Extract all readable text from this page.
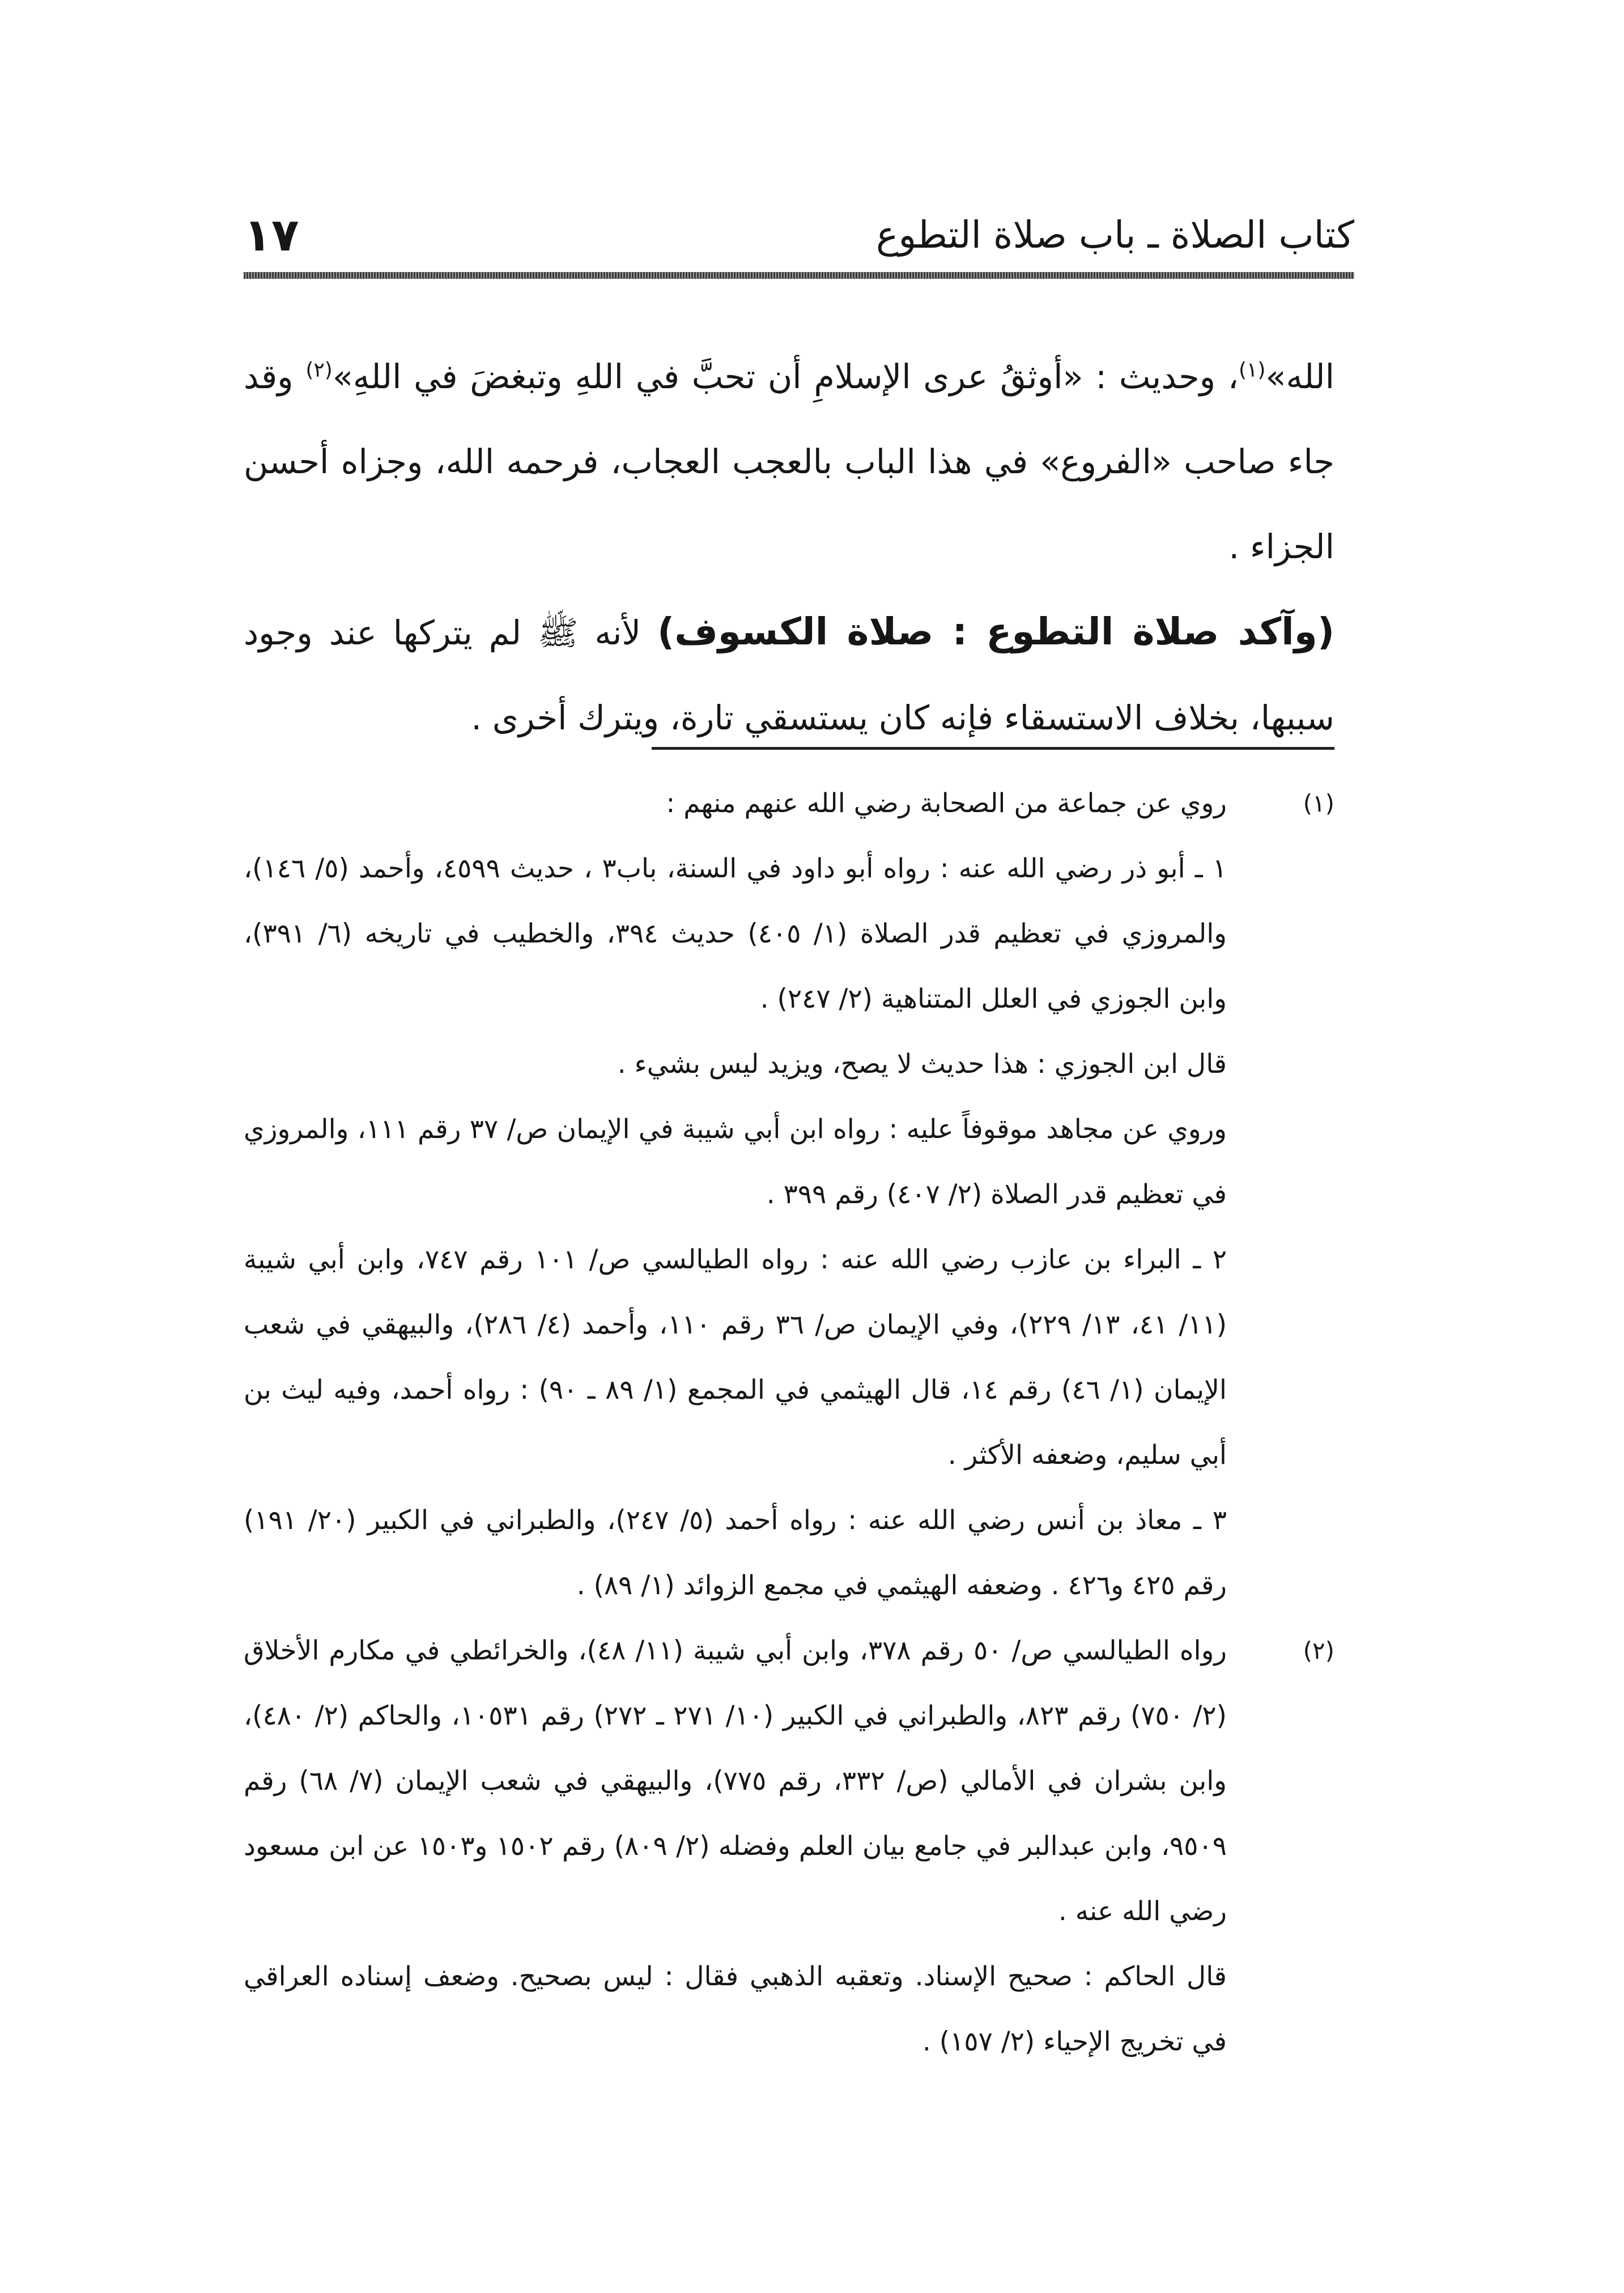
١٧	كتاب الصلاة ـ باب صلاة التطوع

الله»$^{(١)}$، وحديث : «أوثقُ عرى الإسلامِ أن تحبَّ في اللهِ وتبغضَ في اللهِ»$^{(٢)}$ وقد جاء صاحب «الفروع» في هذا الباب بالعجب العجاب، فرحمه الله، وجزاه أحسن الجزاء .

(وآكد صلاة التطوع : صلاة الكسوف) لأنه ﷺ لم يتركها عند وجود سببها، بخلاف الاستسقاء فإنه كان يستسقي تارة، ويترك أخرى .

(١)

روي عن جماعة من الصحابة رضي الله عنهم منهم :

١ ـ أبو ذر رضي الله عنه : رواه أبو داود في السنة، باب٣ ، حديث ٤٥٩٩، وأحمد (٥/ ١٤٦)، والمروزي في تعظيم قدر الصلاة (١/ ٤٠٥) حديث ٣٩٤، والخطيب في تاريخه (٦/ ٣٩١)، وابن الجوزي في العلل المتناهية (٢/ ٢٤٧) .

قال ابن الجوزي : هذا حديث لا يصح، ويزيد ليس بشيء .

وروي عن مجاهد موقوفاً عليه : رواه ابن أبي شيبة في الإيمان ص/ ٣٧ رقم ١١١، والمروزي في تعظيم قدر الصلاة (٢/ ٤٠٧) رقم ٣٩٩ .

٢ ـ البراء بن عازب رضي الله عنه : رواه الطيالسي ص/ ١٠١ رقم ٧٤٧، وابن أبي شيبة (١١/ ٤١، ١٣/ ٢٢٩)، وفي الإيمان ص/ ٣٦ رقم ١١٠، وأحمد (٤/ ٢٨٦)، والبيهقي في شعب الإيمان (١/ ٤٦) رقم ١٤، قال الهيثمي في المجمع (١/ ٨٩ ـ ٩٠) : رواه أحمد، وفيه ليث بن أبي سليم، وضعفه الأكثر .

٣ ـ معاذ بن أنس رضي الله عنه : رواه أحمد (٥/ ٢٤٧)، والطبراني في الكبير (٢٠/ ١٩١) رقم ٤٢٥ و٤٢٦ . وضعفه الهيثمي في مجمع الزوائد (١/ ٨٩) .

(٢)

رواه الطيالسي ص/ ٥٠ رقم ٣٧٨، وابن أبي شيبة (١١/ ٤٨)، والخرائطي في مكارم الأخلاق (٢/ ٧٥٠) رقم ٨٢٣، والطبراني في الكبير (١٠/ ٢٧١ ـ ٢٧٢) رقم ١٠٥٣١، والحاكم (٢/ ٤٨٠)، وابن بشران في الأمالي (ص/ ٣٣٢، رقم ٧٧٥)، والبيهقي في شعب الإيمان (٧/ ٦٨) رقم ٩٥٠٩، وابن عبدالبر في جامع بيان العلم وفضله (٢/ ٨٠٩) رقم ١٥٠٢ و١٥٠٣ عن ابن مسعود رضي الله عنه .

قال الحاكم : صحيح الإسناد. وتعقبه الذهبي فقال : ليس بصحيح. وضعف إسناده العراقي في تخريج الإحياء (٢/ ١٥٧) .
